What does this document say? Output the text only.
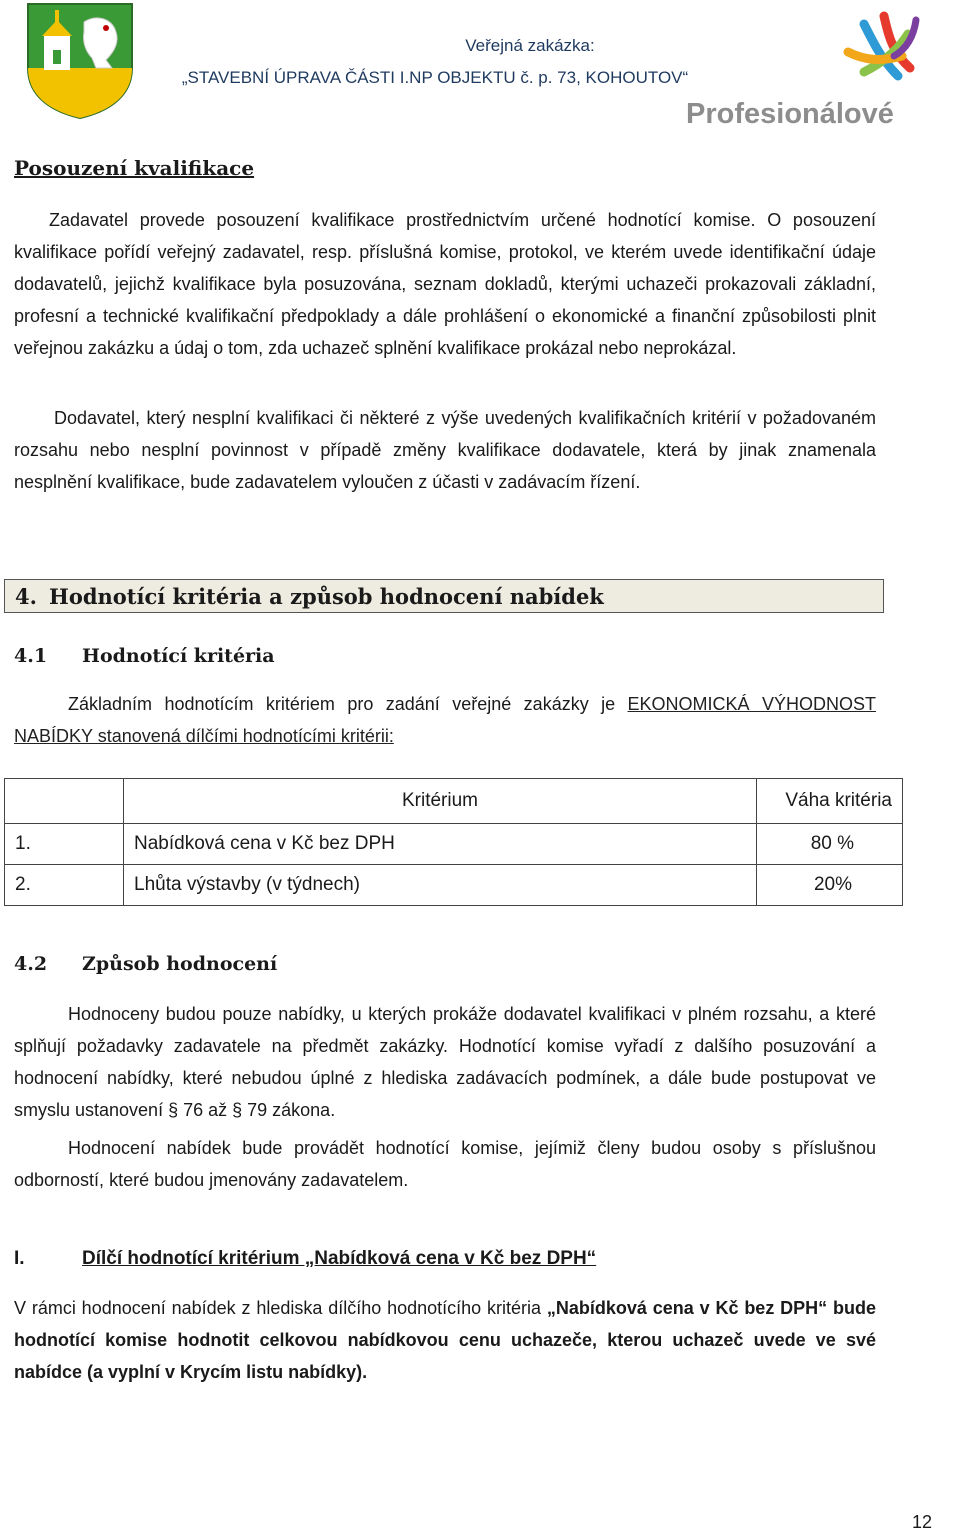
Veřejná zakázka:
„STAVEBNÍ ÚPRAVA ČÁSTI I.NP OBJEKTU č. p. 73, KOHOUTOV“
Profesionálové
Posouzení kvalifikace
Zadavatel provede posouzení kvalifikace prostřednictvím určené hodnotící komise. O posouzení kvalifikace pořídí veřejný zadavatel, resp. příslušná komise, protokol, ve kterém uvede identifikační údaje dodavatelů, jejichž kvalifikace byla posuzována, seznam dokladů, kterými uchazeči prokazovali základní, profesní a technické kvalifikační předpoklady a dále prohlášení o ekonomické a finanční způsobilosti plnit veřejnou zakázku a údaj o tom, zda uchazeč splnění kvalifikace prokázal nebo neprokázal.
Dodavatel, který nesplní kvalifikaci či některé z výše uvedených kvalifikačních kritérií v požadovaném rozsahu nebo nesplní povinnost v případě změny kvalifikace dodavatele, která by jinak znamenala nesplnění kvalifikace, bude zadavatelem vyloučen z účasti v zadávacím řízení.
4. Hodnotící kritéria a způsob hodnocení nabídek
4.1 Hodnotící kritéria
Základním hodnotícím kritériem pro zadání veřejné zakázky je EKONOMICKÁ VÝHODNOST NABÍDKY stanovená dílčími hodnotícími kritérii:
	Kritérium	Váha kritéria
1.	Nabídková cena v Kč bez DPH	80 %
2.	Lhůta výstavby (v týdnech)	20%
4.2 Způsob hodnocení
Hodnoceny budou pouze nabídky, u kterých prokáže dodavatel kvalifikaci v plném rozsahu, a které splňují požadavky zadavatele na předmět zakázky. Hodnotící komise vyřadí z dalšího posuzování a hodnocení nabídky, které nebudou úplné z hlediska zadávacích podmínek, a dále bude postupovat ve smyslu ustanovení § 76 až § 79 zákona.
Hodnocení nabídek bude provádět hodnotící komise, jejímiž členy budou osoby s příslušnou odborností, které budou jmenovány zadavatelem.
I.	Dílčí hodnotící kritérium „Nabídková cena v Kč bez DPH“
V rámci hodnocení nabídek z hlediska dílčího hodnotícího kritéria „Nabídková cena v Kč bez DPH“ bude hodnotící komise hodnotit celkovou nabídkovou cenu uchazeče, kterou uchazeč uvede ve své nabídce (a vyplní v Krycím listu nabídky).
12
